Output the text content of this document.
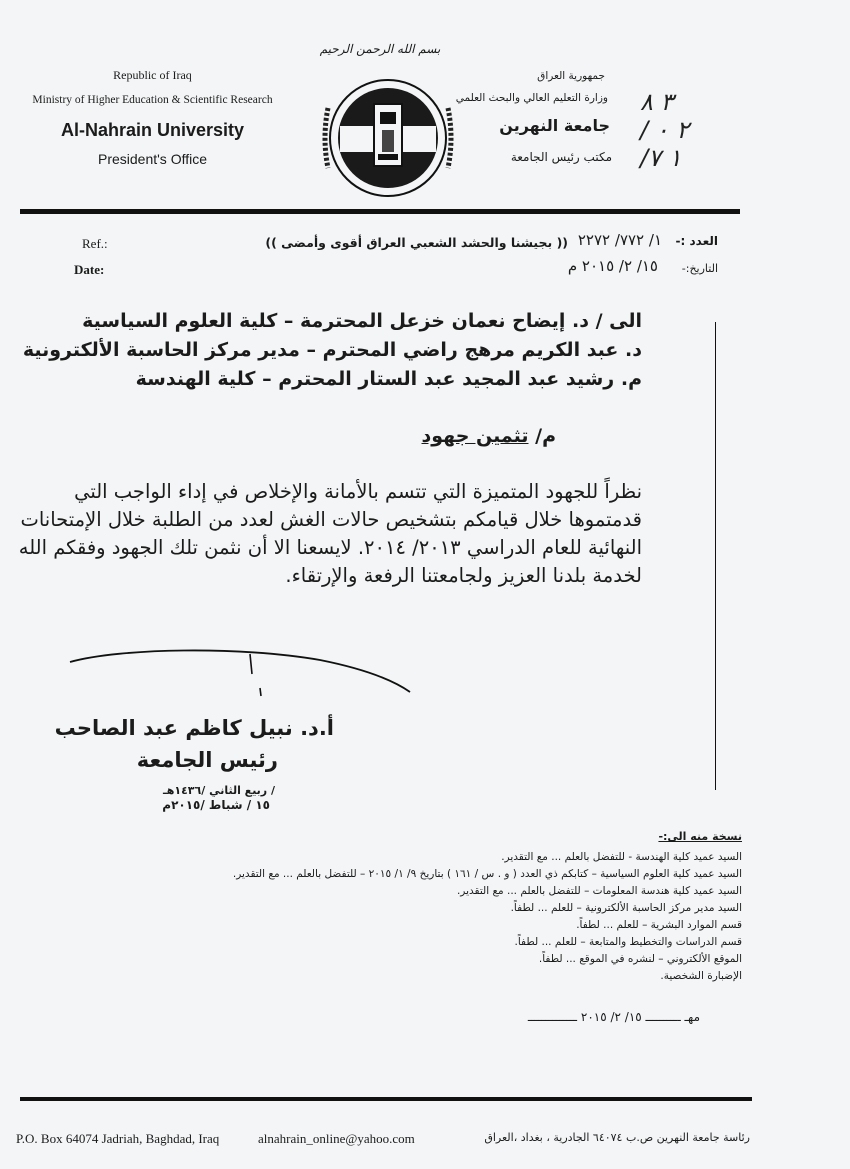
Republic of Iraq
Ministry of Higher Education & Scientific Research
Al-Nahrain University
President's Office
بسم الله الرحمن الرحيم
جمهورية العراق
وزارة التعليم العالي والبحث العلمي
جامعة النهرين
مكتب رئيس الجامعة
٣ ٨
/ ٢ ٠
/١ ٧
Ref.:
Date:
العدد :-
١/ ٧٧٢/ ٢٢٧٢
(( بجيشنا والحشد الشعبي العراق أقوى وأمضى ))
التاريخ:-
١٥/ ٢/ ٢٠١٥ م
الى / د. إيضاح نعمان خزعل المحترمة – كلية العلوم السياسية
د. عبد الكريم مرهج راضي المحترم – مدير مركز الحاسبة الألكترونية
م. رشيد عبد المجيد عبد الستار المحترم – كلية الهندسة
م/ تثمين جهود
نظراً للجهود المتميزة التي تتسم بالأمانة والإخلاص في إداء الواجب التي
قدمتموها خلال قيامكم بتشخيص حالات الغش لعدد من الطلبة خلال الإمتحانات
النهائية للعام الدراسي ٢٠١٣/ ٢٠١٤. لايسعنا الا أن نثمن تلك الجهود وفقكم الله
لخدمة بلدنا العزيز ولجامعتنا الرفعة والإرتقاء.
أ.د. نبيل كاظم عبد الصاحب
رئيس الجامعة
/ ربيع الثاني /١٤٣٦هـ
١٥ / شباط /٢٠١٥م
نسخة منه الى:-
السيد عميد كلية الهندسة - للتفضل بالعلم ... مع التقدير.
السيد عميد كلية العلوم السياسية – كتابكم ذي العدد ( و . س / ١٦١ ) بتاريخ ٩/ ١/ ٢٠١٥ – للتفضل بالعلم ... مع التقدير.
السيد عميد كلية هندسة المعلومات – للتفضل بالعلم ... مع التقدير.
السيد مدير مركز الحاسبة الألكترونية – للعلم ... لطفاً.
قسم الموارد البشرية – للعلم ... لطفاً.
قسم الدراسات والتخطيط والمتابعة – للعلم ... لطفاً.
الموقع الألكتروني – لنشره في الموقع ... لطفاً.
الإضبارة الشخصية.
مهـ ــــــــــ ١٥/ ٢/ ٢٠١٥ ــــــــــــــ
P.O. Box 64074 Jadriah, Baghdad, Iraq	alnahrain_online@yahoo.com	رئاسة جامعة النهرين ص.ب ٦٤٠٧٤ الجادرية ، بغداد ،العراق
